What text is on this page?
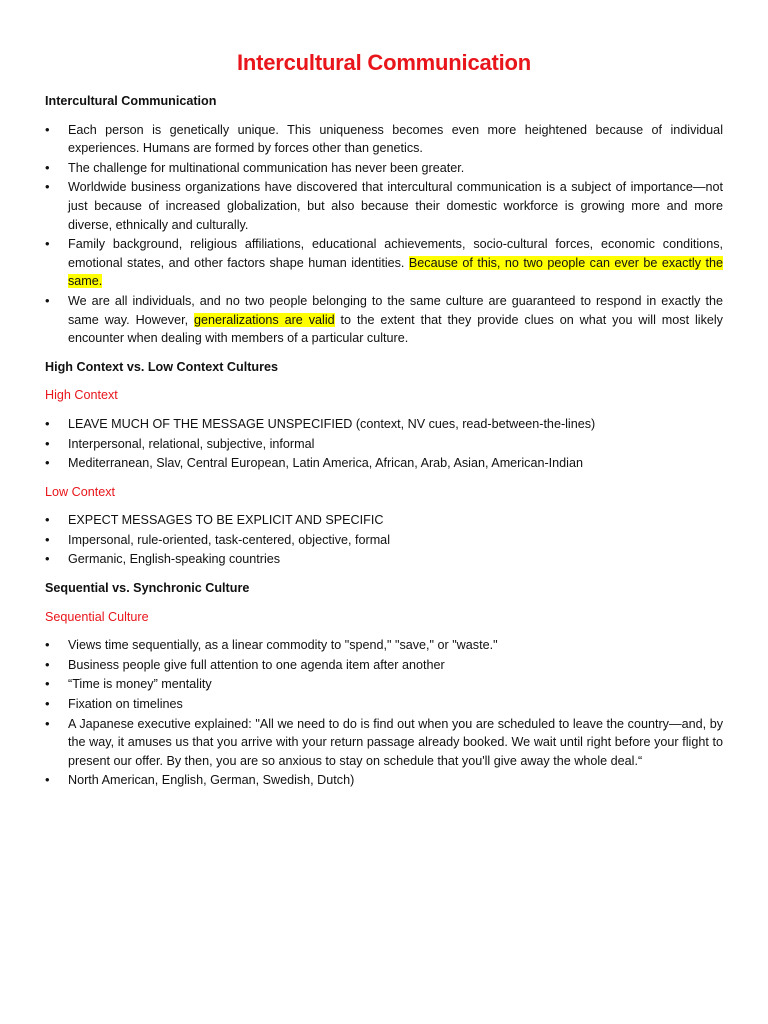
Intercultural Communication
Intercultural Communication
• Each person is genetically unique. This uniqueness becomes even more heightened because of individual experiences. Humans are formed by forces other than genetics.
• The challenge for multinational communication has never been greater.
• Worldwide business organizations have discovered that intercultural communication is a subject of importance—not just because of increased globalization, but also because their domestic workforce is growing more and more diverse, ethnically and culturally.
• Family background, religious affiliations, educational achievements, socio-cultural forces, economic conditions, emotional states, and other factors shape human identities. Because of this, no two people can ever be exactly the same.
• We are all individuals, and no two people belonging to the same culture are guaranteed to respond in exactly the same way. However, generalizations are valid to the extent that they provide clues on what you will most likely encounter when dealing with members of a particular culture.
High Context vs. Low Context Cultures
High Context
• LEAVE MUCH OF THE MESSAGE UNSPECIFIED (context, NV cues, read-between-the-lines)
• Interpersonal, relational, subjective, informal
• Mediterranean, Slav, Central European, Latin America, African, Arab, Asian, American-Indian
Low Context
• EXPECT MESSAGES TO BE EXPLICIT AND SPECIFIC
• Impersonal, rule-oriented, task-centered, objective, formal
• Germanic, English-speaking countries
Sequential vs. Synchronic Culture
Sequential Culture
• Views time sequentially, as a linear commodity to "spend," "save," or "waste."
• Business people give full attention to one agenda item after another
• “Time is money” mentality
• Fixation on timelines
• A Japanese executive explained: "All we need to do is find out when you are scheduled to leave the country—and, by the way, it amuses us that you arrive with your return passage already booked. We wait until right before your flight to present our offer. By then, you are so anxious to stay on schedule that you'll give away the whole deal.“
• North American, English, German, Swedish, Dutch)
